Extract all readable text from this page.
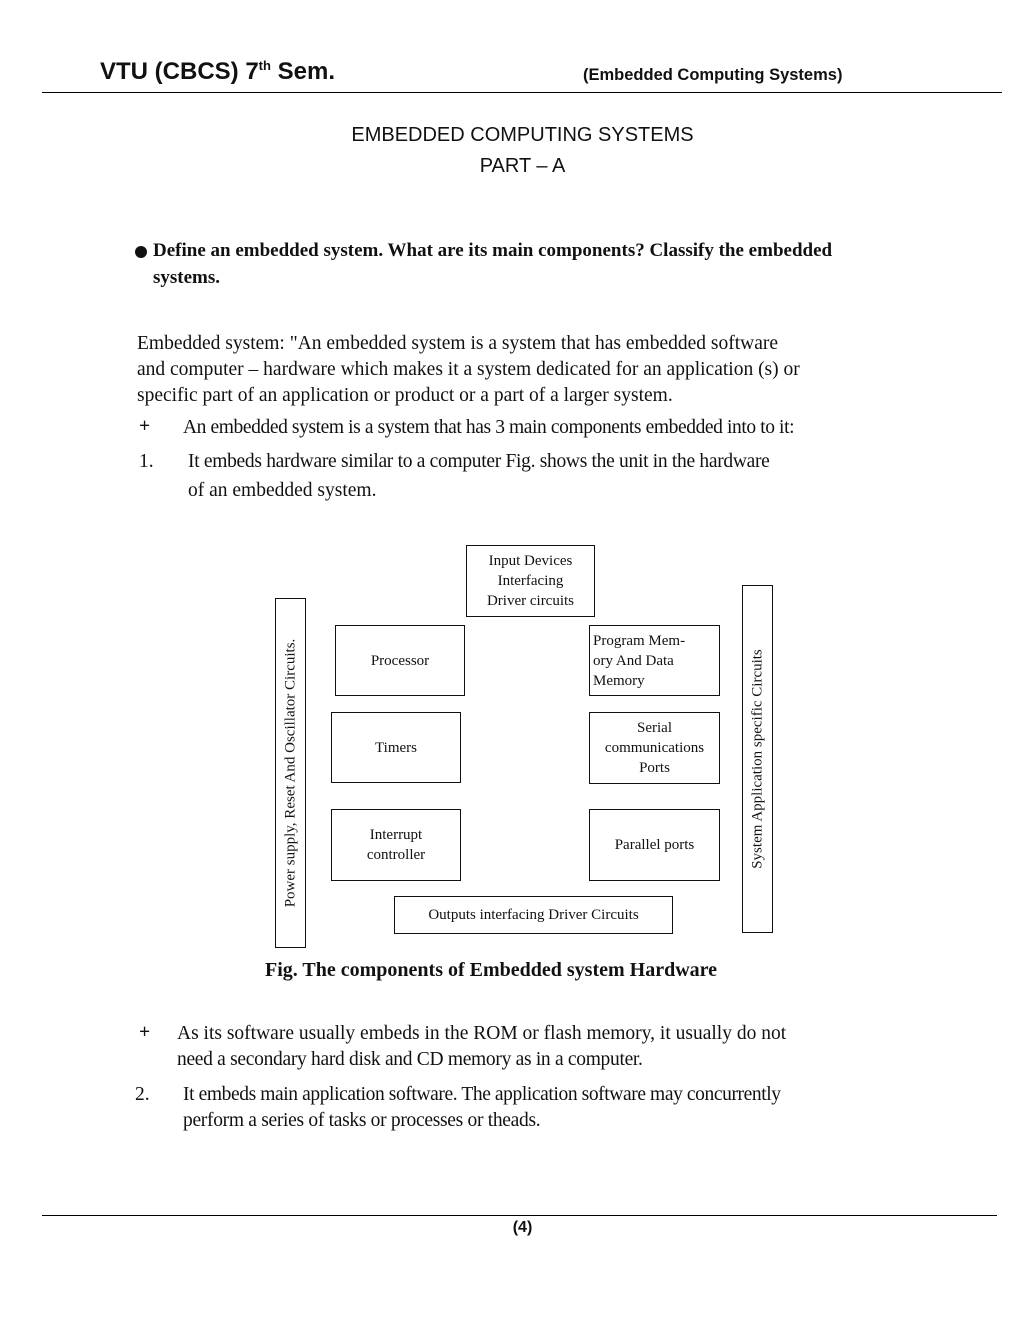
VTU (CBCS) 7th Sem.	(Embedded Computing Systems)
EMBEDDED COMPUTING SYSTEMS
PART – A
Define an embedded system. What are its main components? Classify the embedded
systems.
Embedded system: "An embedded system is a system that has embedded software
and computer – hardware which makes it a system dedicated for an application (s) or
specific part of an application or product or a part of a larger system.
+ An embedded system is a system that has 3 main components embedded into to it:
1. It embeds hardware similar to a computer Fig. shows the unit in the hardware
of an embedded system.
Input Devices
Interfacing
Driver circuits
Power supply, Reset And Oscillator Circuits.	System Application specific Circuits
Processor
Timers
Interrupt
controller
Program Mem-
ory And Data
Memory
Serial
communications
Ports
Parallel ports
Outputs interfacing Driver Circuits
Fig. The components of Embedded system Hardware
+ As its software usually embeds in the ROM or flash memory, it usually do not
need a secondary hard disk and CD memory as in a computer.
2. It embeds main application software. The application software may concurrently
perform a series of tasks or processes or theads.
(4)
